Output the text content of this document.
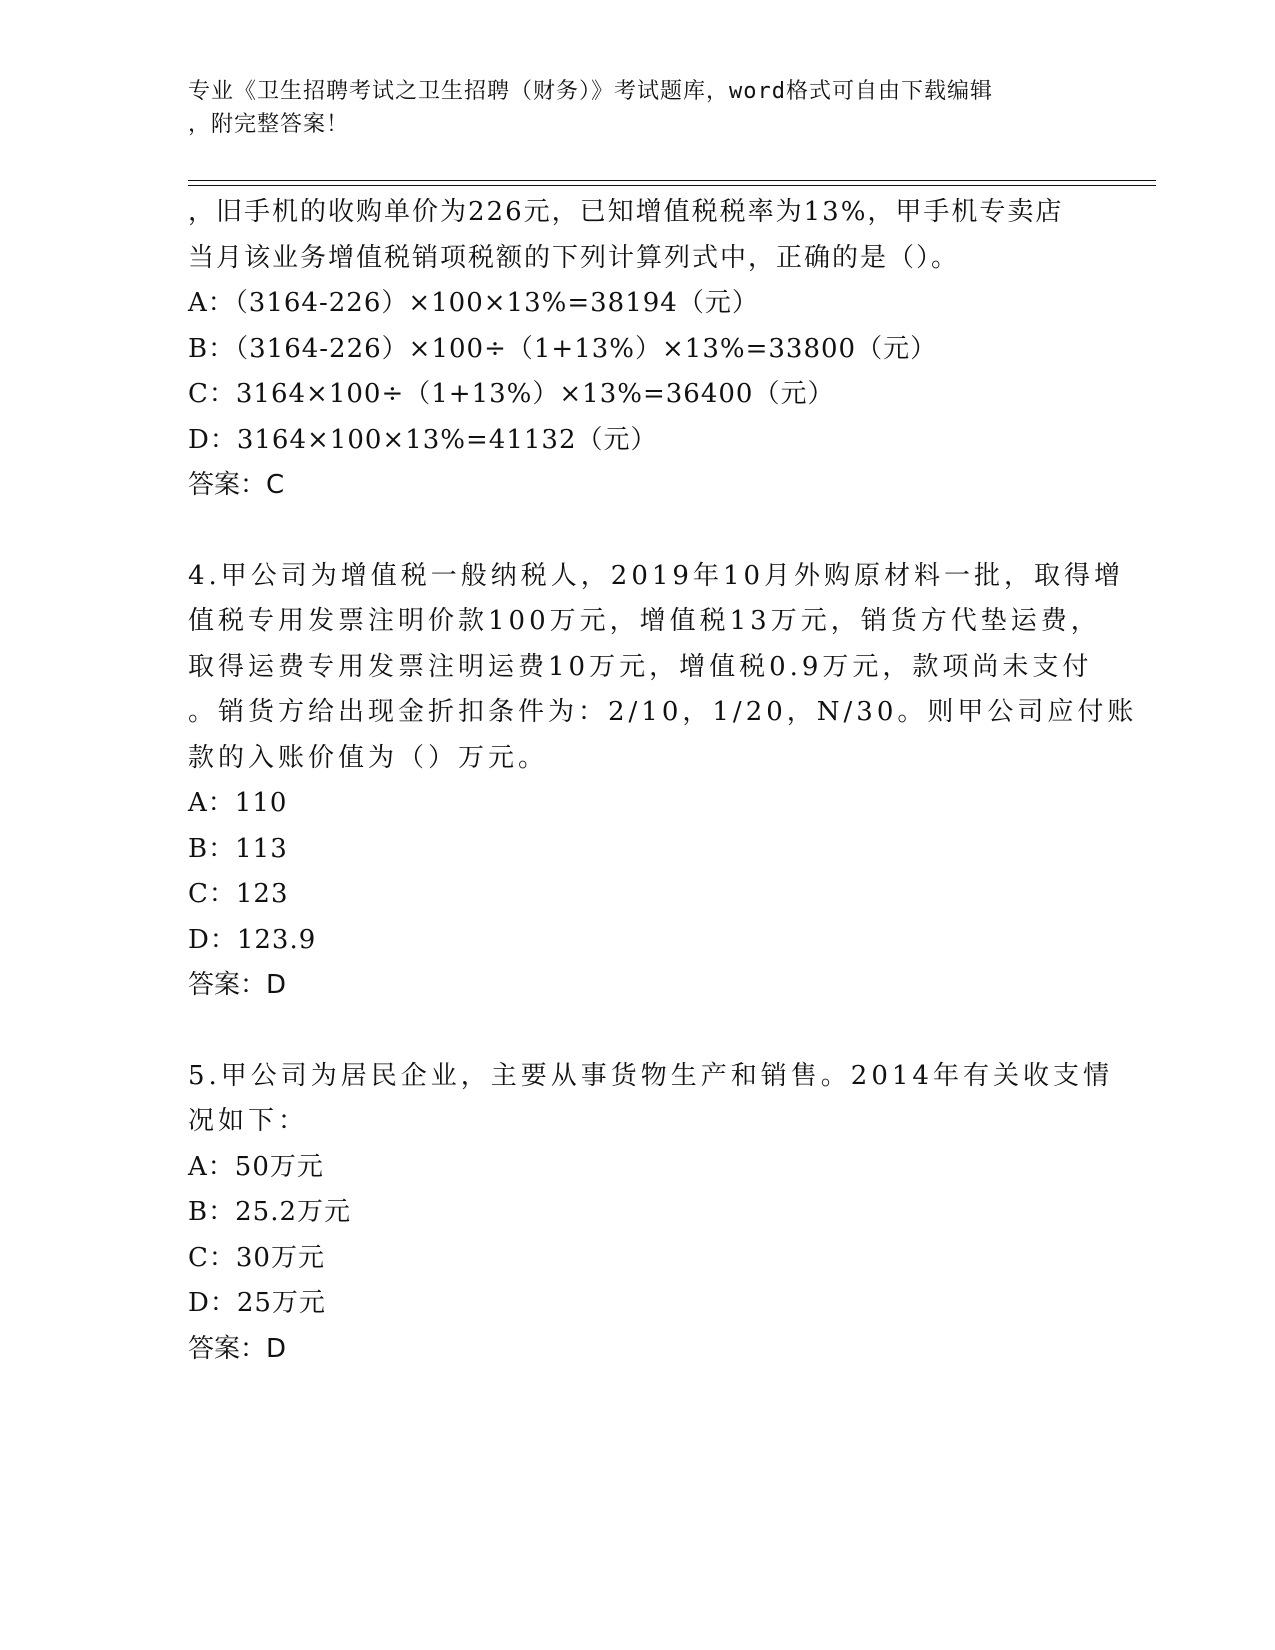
专业《卫生招聘考试之卫生招聘（财务）》考试题库，word格式可自由下载编辑
，附完整答案！
，旧手机的收购单价为226元，已知增值税税率为13%，甲手机专卖店
当月该业务增值税销项税额的下列计算列式中，正确的是（）。
A：（3164-226）×100×13%=38194（元）
B：（3164-226）×100÷（1+13%）×13%=33800（元）
C：3164×100÷（1+13%）×13%=36400（元）
D：3164×100×13%=41132（元）
答案：C
4.甲公司为增值税一般纳税人，2019年10月外购原材料一批，取得增
值税专用发票注明价款100万元，增值税13万元，销货方代垫运费，
取得运费专用发票注明运费10万元，增值税0.9万元，款项尚未支付
。销货方给出现金折扣条件为：2/10，1/20，N/30。则甲公司应付账
款的入账价值为（）万元。
A：110
B：113
C：123
D：123.9
答案：D
5.甲公司为居民企业，主要从事货物生产和销售。2014年有关收支情
况如下：
A：50万元
B：25.2万元
C：30万元
D：25万元
答案：D
